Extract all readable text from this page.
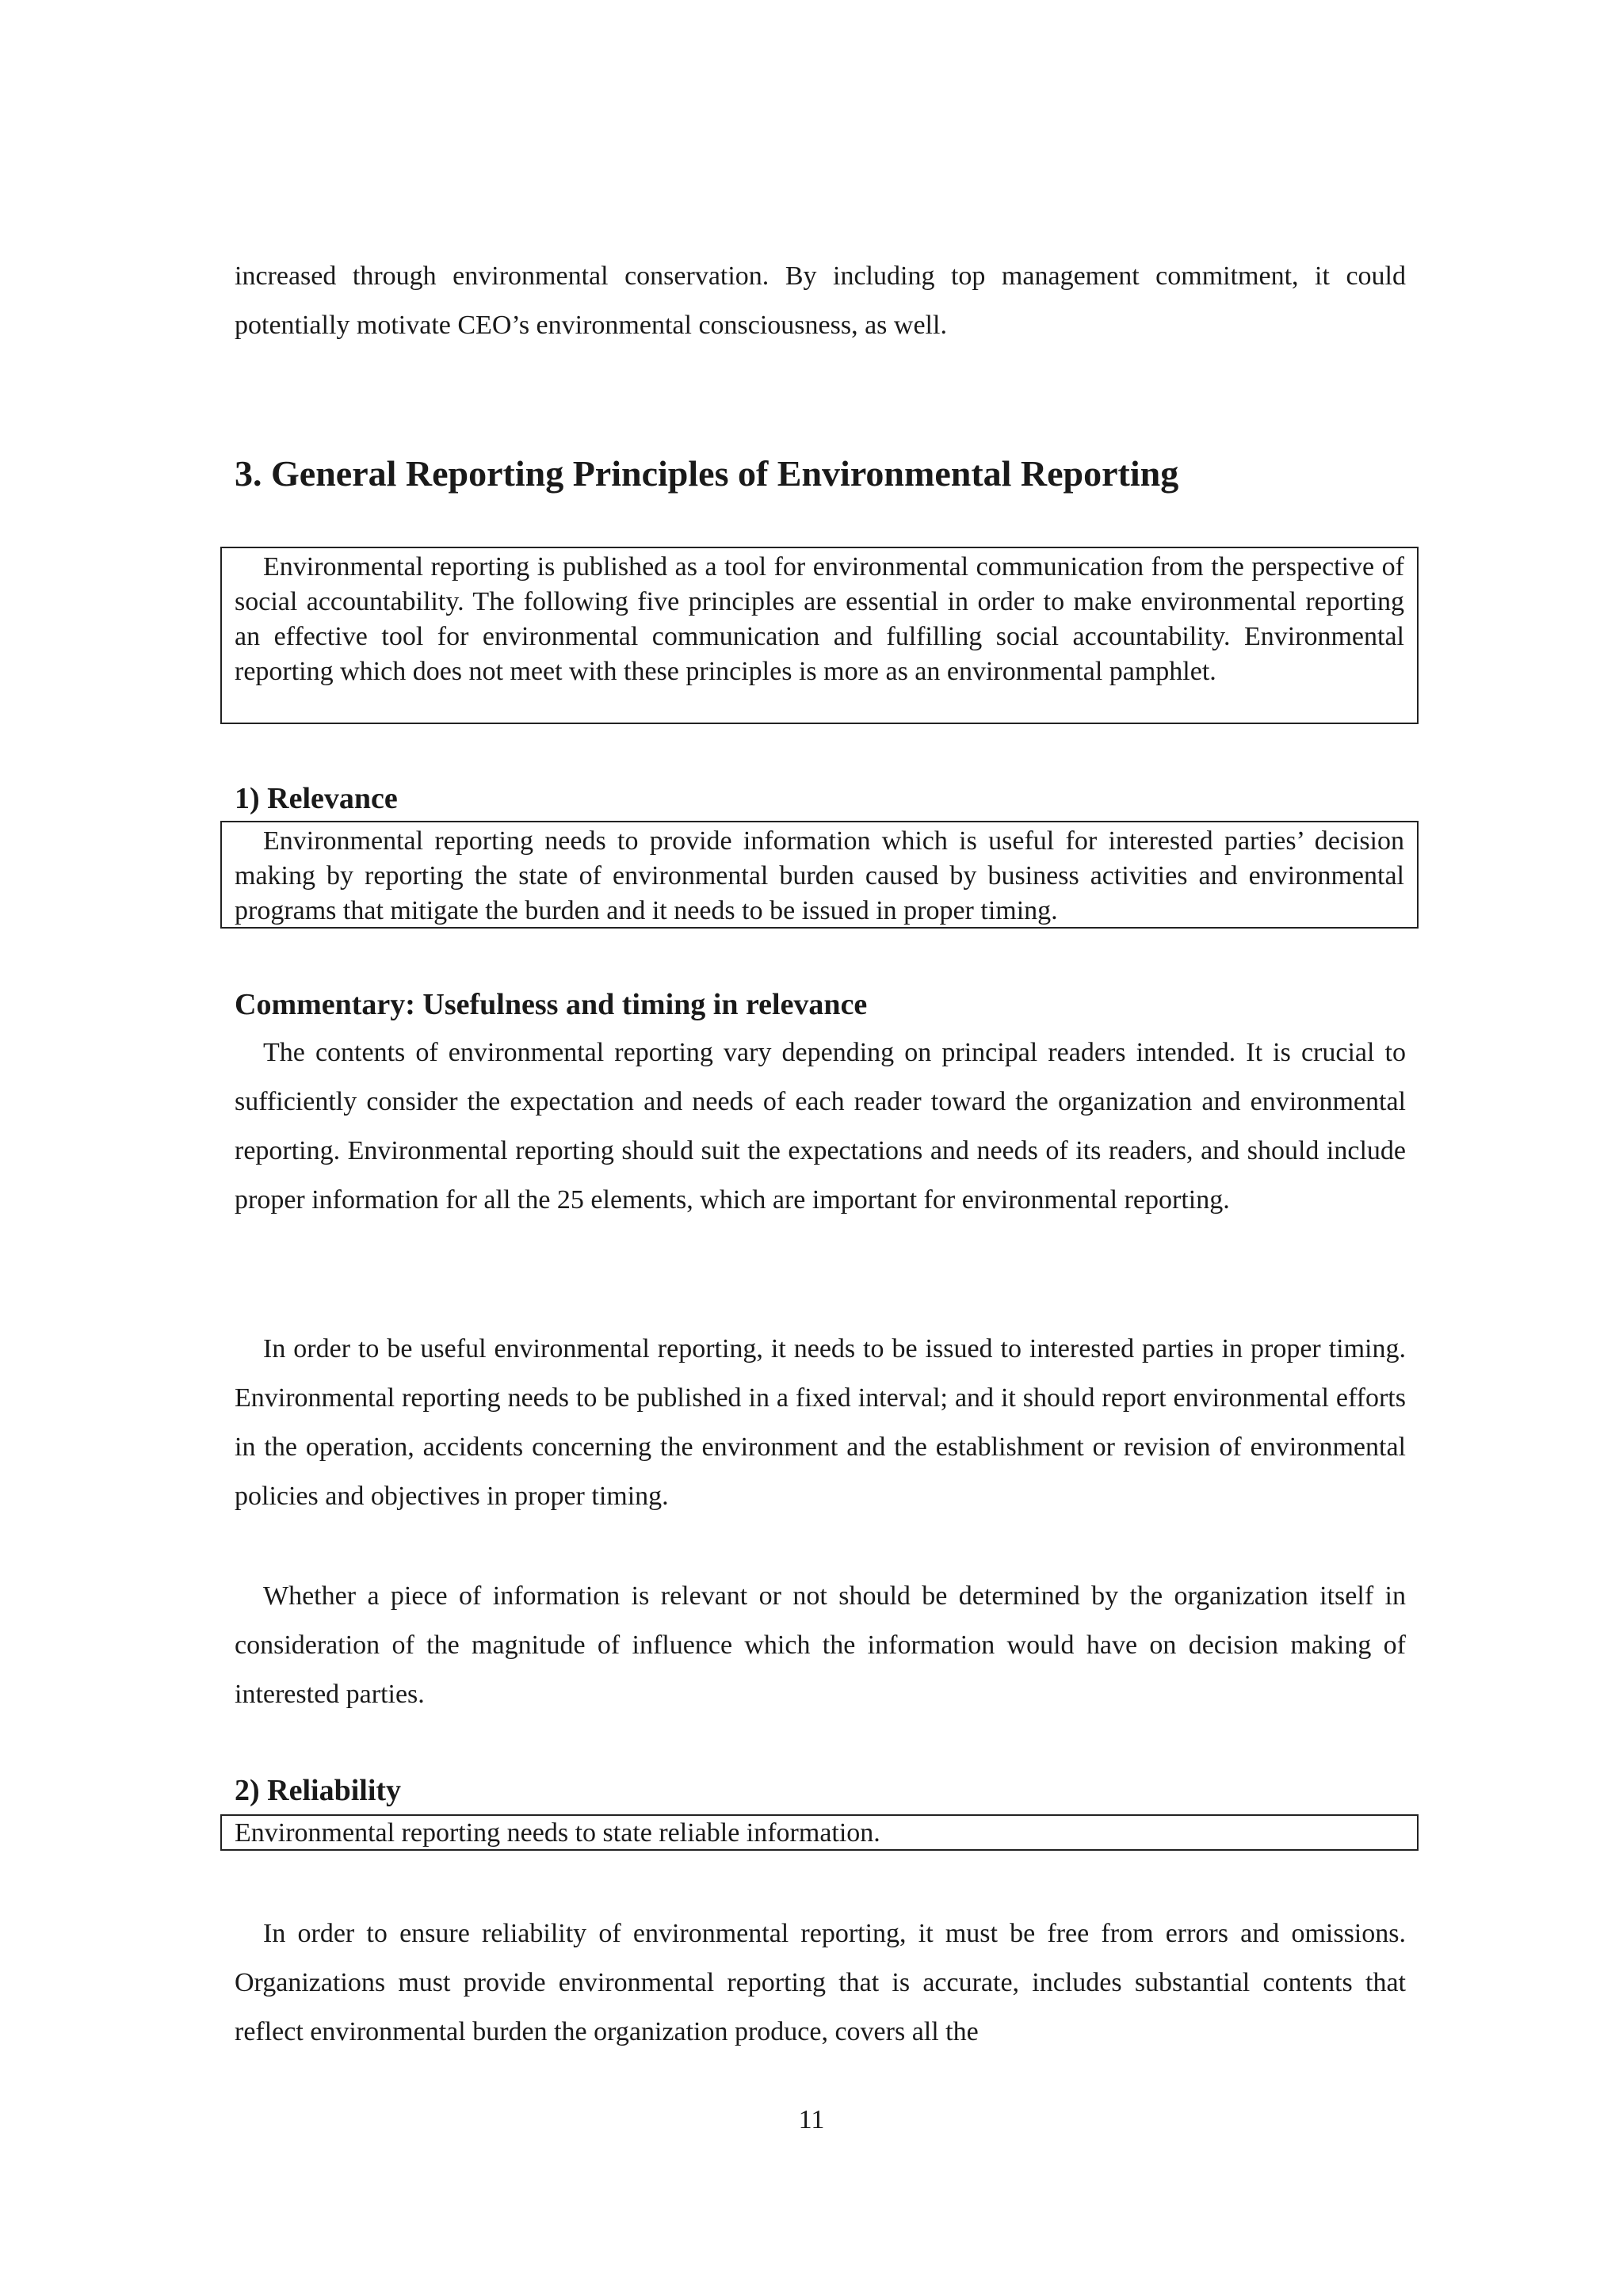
increased through environmental conservation. By including top management commitment, it could potentially motivate CEO’s environmental consciousness, as well.

3. General Reporting Principles of Environmental Reporting

Environmental reporting is published as a tool for environmental communication from the perspective of social accountability. The following five principles are essential in order to make environmental reporting an effective tool for environmental communication and fulfilling social accountability. Environmental reporting which does not meet with these principles is more as an environmental pamphlet.

1) Relevance

Environmental reporting needs to provide information which is useful for interested parties’ decision making by reporting the state of environmental burden caused by business activities and environmental programs that mitigate the burden and it needs to be issued in proper timing.

Commentary: Usefulness and timing in relevance

The contents of environmental reporting vary depending on principal readers intended. It is crucial to sufficiently consider the expectation and needs of each reader toward the organization and environmental reporting. Environmental reporting should suit the expectations and needs of its readers, and should include proper information for all the 25 elements, which are important for environmental reporting.

In order to be useful environmental reporting, it needs to be issued to interested parties in proper timing. Environmental reporting needs to be published in a fixed interval; and it should report environmental efforts in the operation, accidents concerning the environment and the establishment or revision of environmental policies and objectives in proper timing.

Whether a piece of information is relevant or not should be determined by the organization itself in consideration of the magnitude of influence which the information would have on decision making of interested parties.

2) Reliability

Environmental reporting needs to state reliable information.

In order to ensure reliability of environmental reporting, it must be free from errors and omissions. Organizations must provide environmental reporting that is accurate, includes substantial contents that reflect environmental burden the organization produce, covers all the

11
